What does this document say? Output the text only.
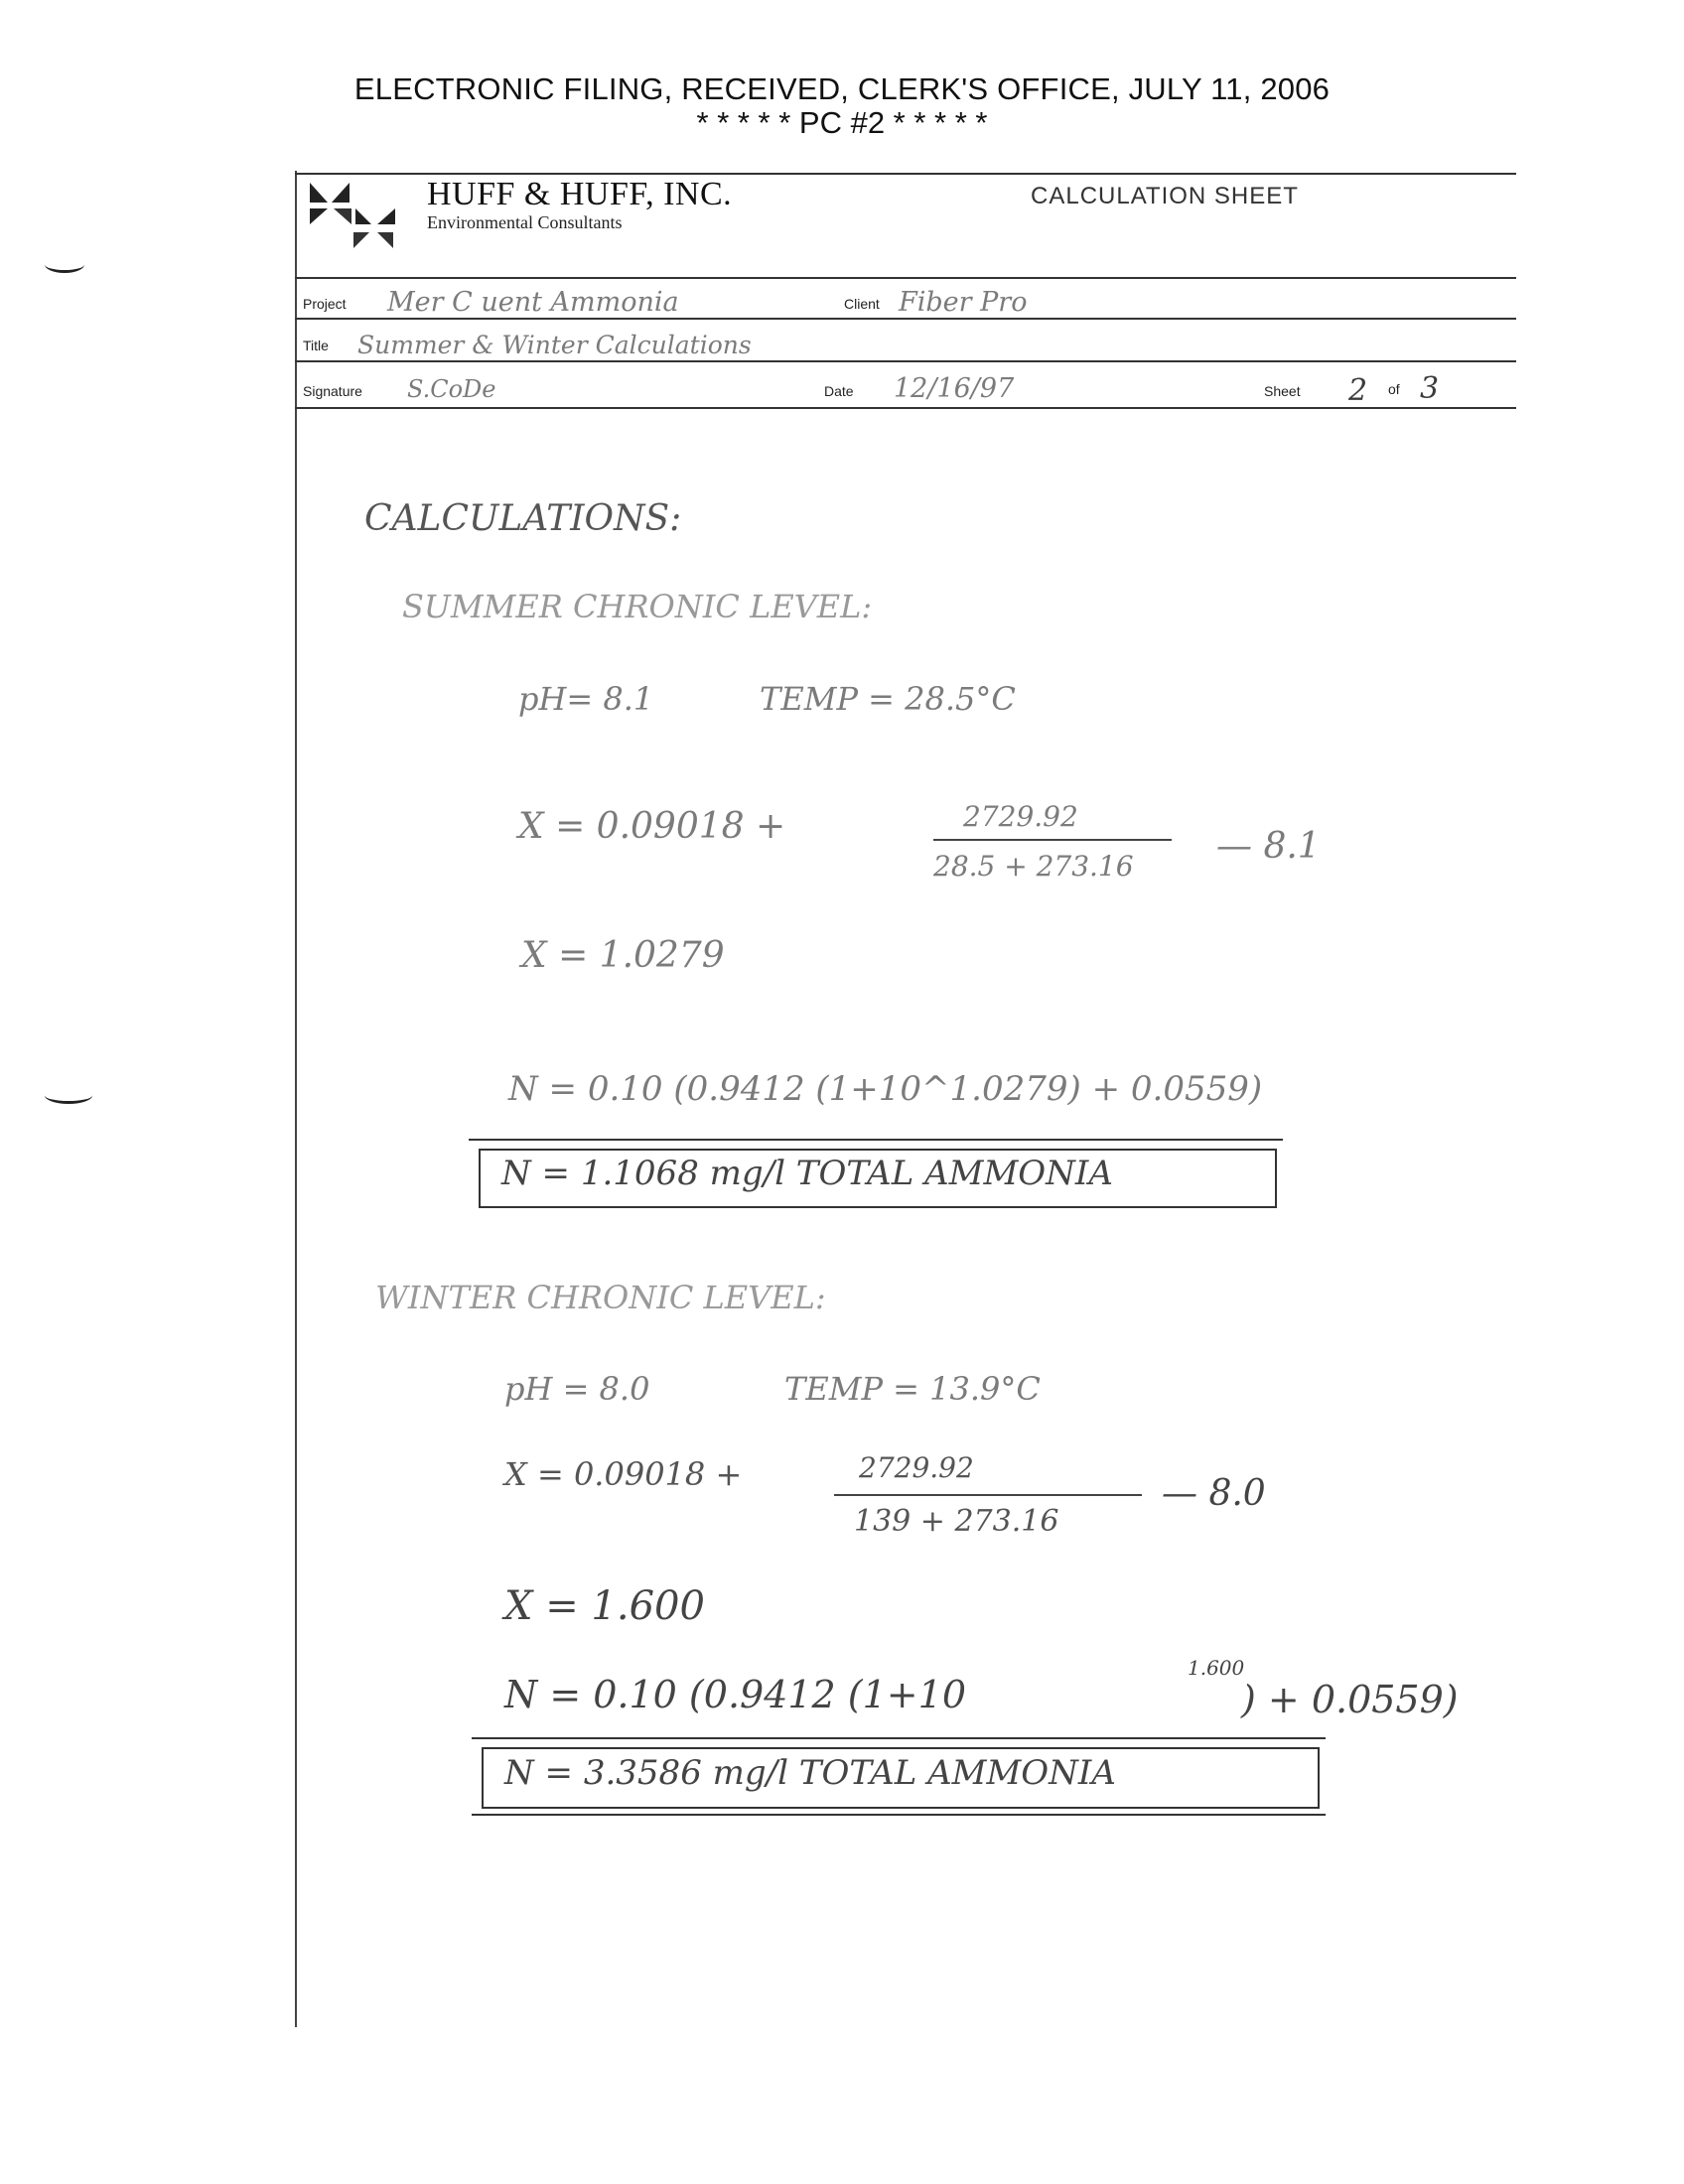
ELECTRONIC FILING, RECEIVED, CLERK'S OFFICE, JULY 11, 2006
* * * * * PC #2 * * * * *
HUFF & HUFF, INC.
Environmental Consultants
CALCULATION SHEET
Project Mer C uent Ammonia	Client Fiber Pro
Title Summer & Winter Calculations
Signature S.CoDe	Date 12/16/97	Sheet 2 of 3
CALCULATIONS:
SUMMER CHRONIC LEVEL:
pH= 8.1	TEMP = 28.5°C
X = 0.09018 +	2729.92
28.5 + 273.16 — 8.1
X = 1.0279
N = 0.10 (0.9412 (1+10^1.0279) + 0.0559)
N = 1.1068 mg/l TOTAL AMMONIA
WINTER CHRONIC LEVEL:
pH = 8.0	TEMP = 13.9°C
X = 0.09018 +	2729.92
139 + 273.16
— 8.0
X = 1.600
N = 0.10 (0.9412 (1+10
1.600
) + 0.0559)
N = 3.3586 mg/l TOTAL AMMONIA
